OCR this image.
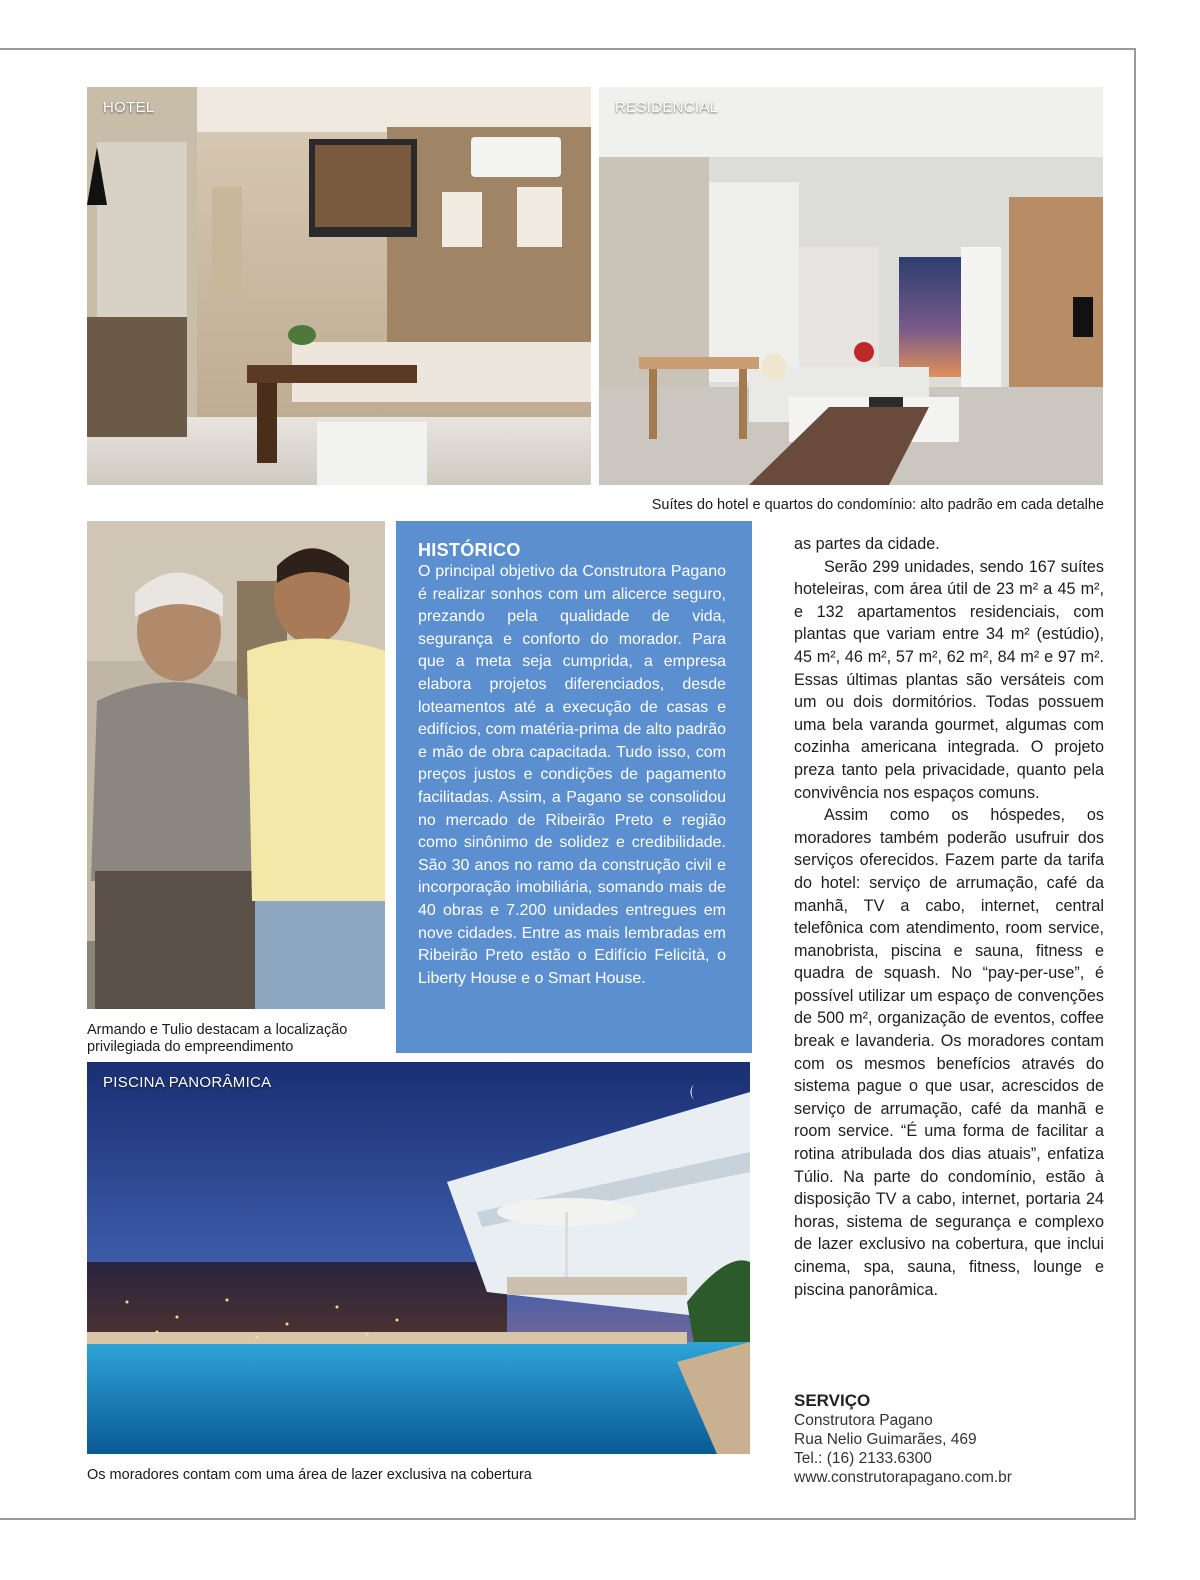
HOTEL	RESIDENCIAL
Suítes do hotel e quartos do condomínio: alto padrão em cada detalhe
Armando e Tulio destacam a localização
privilegiada do empreendimento
HISTÓRICO

O principal objetivo da Construtora Pagano é realizar sonhos com um alicerce seguro, prezando pela qualidade de vida, segurança e conforto do morador. Para que a meta seja cumprida, a empresa elabora projetos diferenciados, desde loteamentos até a execução de casas e edifícios, com matéria-prima de alto padrão e mão de obra capacitada. Tudo isso, com preços justos e condições de pagamento facilitadas. Assim, a Pagano se consolidou no mercado de Ribeirão Preto e região como sinônimo de solidez e credibilidade. São 30 anos no ramo da construção civil e incorporação imobiliária, somando mais de 40 obras e 7.200 unidades entregues em nove cidades. Entre as mais lembradas em Ribeirão Preto estão o Edifício Felicità, o Liberty House e o Smart House.

PISCINA PANORÂMICA
Os moradores contam com uma área de lazer exclusiva na cobertura

as partes da cidade.

Serão 299 unidades, sendo 167 suítes hoteleiras, com área útil de 23 m² a 45 m², e 132 apartamentos residenciais, com plantas que variam entre 34 m² (estúdio), 45 m², 46 m², 57 m², 62 m², 84 m² e 97 m². Essas últimas plantas são versáteis com um ou dois dormitórios. Todas possuem uma bela varanda gourmet, algumas com cozinha americana integrada. O projeto preza tanto pela privacidade, quanto pela convivência nos espaços comuns.

Assim como os hóspedes, os moradores também poderão usufruir dos serviços oferecidos. Fazem parte da tarifa do hotel: serviço de arrumação, café da manhã, TV a cabo, internet, central telefônica com atendimento, room service, manobrista, piscina e sauna, fitness e quadra de squash. No “pay-per-use”, é possível utilizar um espaço de convenções de 500 m², organização de eventos, coffee break e lavanderia. Os moradores contam com os mesmos benefícios através do sistema pague o que usar, acrescidos de serviço de arrumação, café da manhã e room service. “É uma forma de facilitar a rotina atribulada dos dias atuais”, enfatiza Túlio. Na parte do condomínio, estão à disposição TV a cabo, internet, portaria 24 horas, sistema de segurança e complexo de lazer exclusivo na cobertura, que inclui cinema, spa, sauna, fitness, lounge e piscina panorâmica.

SERVIÇO
Construtora Pagano
Rua Nelio Guimarães, 469
Tel.: (16) 2133.6300
www.construtorapagano.com.br
